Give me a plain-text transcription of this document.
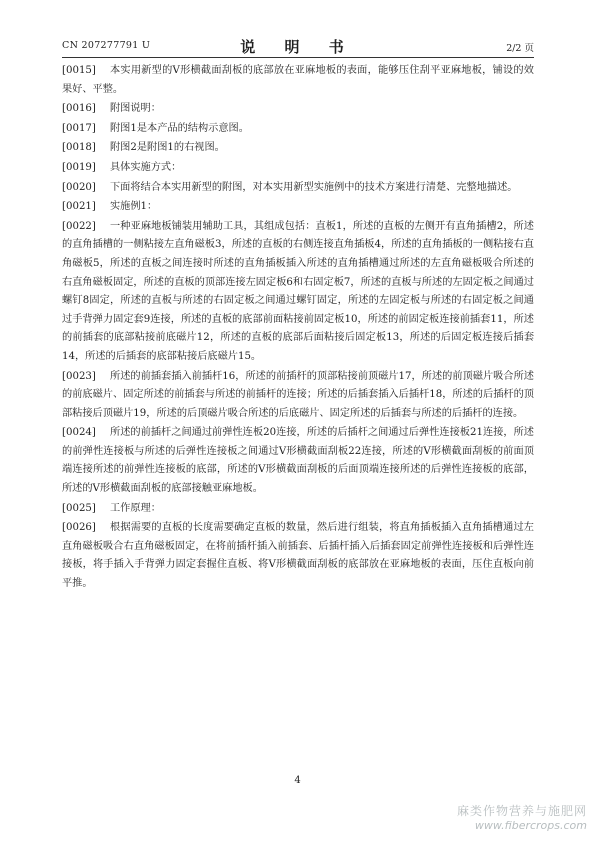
CN 207277791 U	说 明 书	2/2 页
[0015]	本实用新型的V形横截面刮板的底部放在亚麻地板的表面，能够压住刮平亚麻地板，铺设的效果好、平整。
[0016]	附图说明：
[0017]	附图1是本产品的结构示意图。
[0018]	附图2是附图1的右视图。
[0019]	具体实施方式：
[0020]	下面将结合本实用新型的附图，对本实用新型实施例中的技术方案进行清楚、完整地描述。
[0021]	实施例1：
[0022]	一种亚麻地板铺装用辅助工具，其组成包括：直板1，所述的直板的左侧开有直角插槽2，所述的直角插槽的一侧粘接左直角磁板3，所述的直板的右侧连接直角插板4，所述的直角插板的一侧粘接右直角磁板5，所述的直板之间连接时所述的直角插板插入所述的直角插槽通过所述的左直角磁板吸合所述的右直角磁板固定，所述的直板的顶部连接左固定板6和右固定板7，所述的直板与所述的左固定板之间通过螺钉8固定，所述的直板与所述的右固定板之间通过螺钉固定，所述的左固定板与所述的右固定板之间通过手背弹力固定套9连接，所述的直板的底部前面粘接前固定板10，所述的前固定板连接前插套11，所述的前插套的底部粘接前底磁片12，所述的直板的底部后面粘接后固定板13，所述的后固定板连接后插套14，所述的后插套的底部粘接后底磁片15。
[0023]	所述的前插套插入前插杆16，所述的前插杆的顶部粘接前顶磁片17，所述的前顶磁片吸合所述的前底磁片、固定所述的前插套与所述的前插杆的连接；所述的后插套插入后插杆18，所述的后插杆的顶部粘接后顶磁片19，所述的后顶磁片吸合所述的后底磁片、固定所述的后插套与所述的后插杆的连接。
[0024]	所述的前插杆之间通过前弹性连板20连接，所述的后插杆之间通过后弹性连接板21连接，所述的前弹性连接板与所述的后弹性连接板之间通过V形横截面刮板22连接，所述的V形横截面刮板的前面顶端连接所述的前弹性连接板的底部，所述的V形横截面刮板的后面顶端连接所述的后弹性连接板的底部，所述的V形横截面刮板的底部接触亚麻地板。
[0025]	工作原理：
[0026]	根据需要的直板的长度需要确定直板的数量，然后进行组装，将直角插板插入直角插槽通过左直角磁板吸合右直角磁板固定，在将前插杆插入前插套、后插杆插入后插套固定前弹性连接板和后弹性连接板，将手插入手背弹力固定套握住直板、将V形横截面刮板的底部放在亚麻地板的表面，压住直板向前平推。
4
麻类作物营养与施肥网
www.fibercrops.com
